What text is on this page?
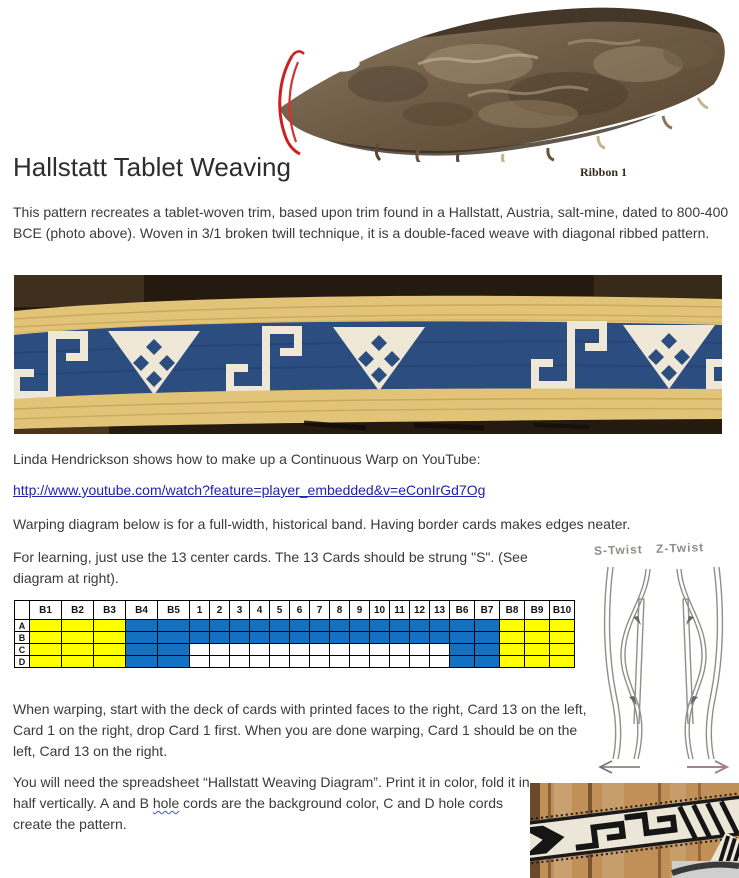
Ribbon 1
Hallstatt Tablet Weaving

This pattern recreates a tablet-woven trim, based upon trim found in a Hallstatt, Austria, salt-mine, dated to 800-400 BCE (photo above). Woven in 3/1 broken twill technique, it is a double-faced weave with diagonal ribbed pattern.

Linda Hendrickson shows how to make up a Continuous Warp on YouTube:

http://www.youtube.com/watch?feature=player_embedded&v=eConIrGd7Og

Warping diagram below is for a full-width, historical band. Having border cards makes edges neater.

For learning, just use the 13 center cards. The 13 Cards should be strung "S". (See diagram at right).

	B1	B2	B3	B4	B5	1	2	3	4	5	6	7	8	9	10	11	12	13	B6	B7	B8	B9	B10
A																							
B																							
C																							
D																							
S-Twist Z-Twist

When warping, start with the deck of cards with printed faces to the right, Card 13 on the left, Card 1 on the right, drop Card 1 first. When you are done warping, Card 1 should be on the left, Card 13 on the right.

You will need the spreadsheet “Hallstatt Weaving Diagram”. Print it in color, fold it in half vertically. A and B hole cords are the background color, C and D hole cords create the pattern.
